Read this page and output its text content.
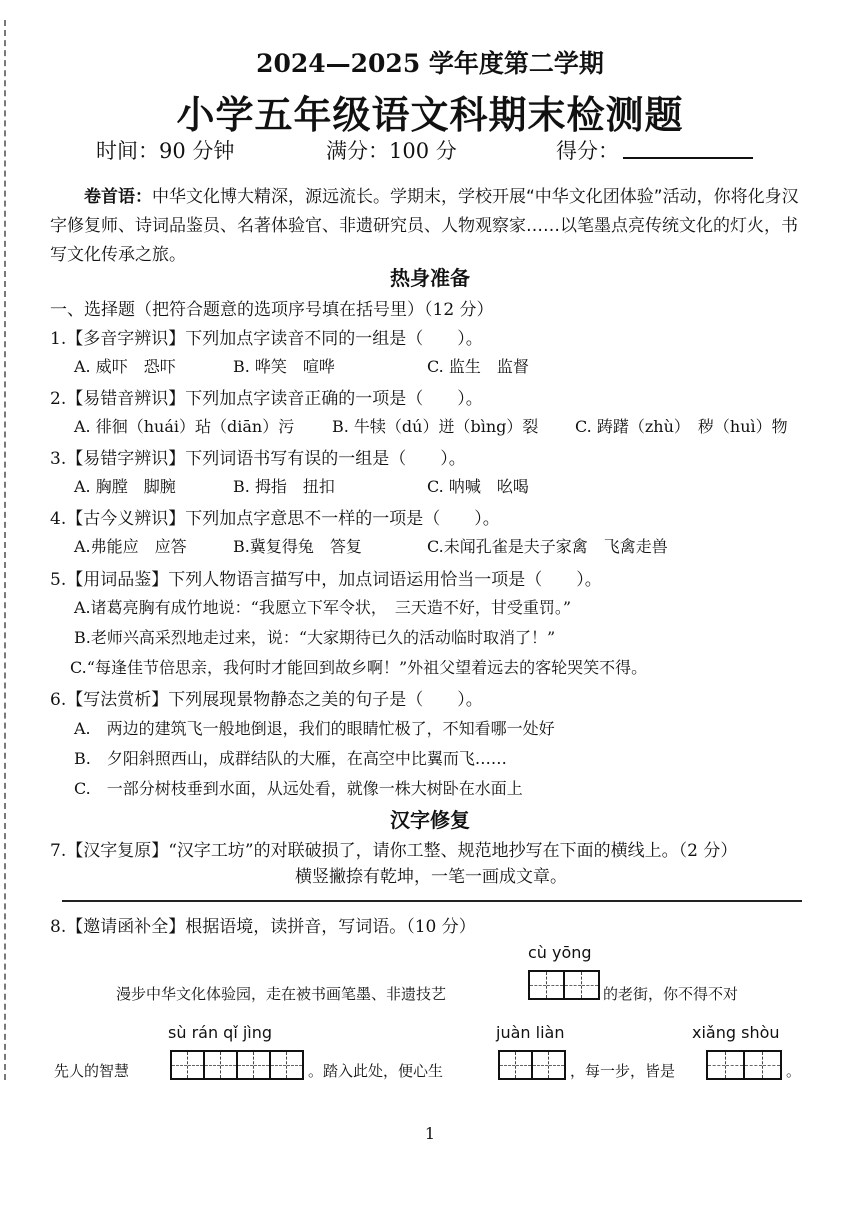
2024—2025 学年度第二学期
小学五年级语文科期末检测题
时间：90 分钟	满分：100 分	得分：
卷首语：中华文化博大精深，源远流长。学期末，学校开展“中华文化团体验”活动，你将化身汉字修复师、诗词品鉴员、名著体验官、非遗研究员、人物观察家……以笔墨点亮传统文化的灯火，书写文化传承之旅。
热身准备
一、选择题（把符合题意的选项序号填在括号里）（12 分）
1.【多音字辨识】下列加点字读音不同的一组是（　　）。
A. 威吓　恐吓	B. 哗笑　喧哗	C. 监生　监督
2.【易错音辨识】下列加点字读音正确的一项是（　　）。
A. 徘徊（huái）玷（diān）污 B. 牛犊（dú）迸（bìng）裂 C. 踌躇（zhù）　秽（huì）物
3.【易错字辨识】下列词语书写有误的一组是（　　）。
A. 胸膛　脚腕	B. 拇指　扭扣	C. 呐喊　吆喝
4.【古今义辨识】下列加点字意思不一样的一项是（　　）。
A.弗能应　应答	B.冀复得兔　答复	C.未闻孔雀是夫子家禽　飞禽走兽
5.【用词品鉴】下列人物语言描写中，加点词语运用恰当一项是（　　）。
A.诸葛亮胸有成竹地说：“我愿立下军令状，　三天造不好，甘受重罚。”
B.老师兴高采烈地走过来，说：“大家期待已久的活动临时取消了！”
C.“每逢佳节倍思亲，我何时才能回到故乡啊！”外祖父望着远去的客轮哭笑不得。
6.【写法赏析】下列展现景物静态之美的句子是（　　）。
A.　两边的建筑飞一般地倒退，我们的眼睛忙极了，不知看哪一处好
B.　夕阳斜照西山，成群结队的大雁，在高空中比翼而飞……
C.　一部分树枝垂到水面，从远处看，就像一株大树卧在水面上
汉字修复
7.【汉字复原】“汉字工坊”的对联破损了，请你工整、规范地抄写在下面的横线上。（2 分）
横竖撇捺有乾坤，一笔一画成文章。
8.【邀请函补全】根据语境，读拼音，写词语。（10 分）
cù yōng
漫步中华文化体验园，走在被书画笔墨、非遗技艺	的老街，你不得不对
sù rán qǐ jìng	juàn liàn	xiǎng shòu
先人的智慧	。踏入此处，便心生	，每一步，皆是	。
1
